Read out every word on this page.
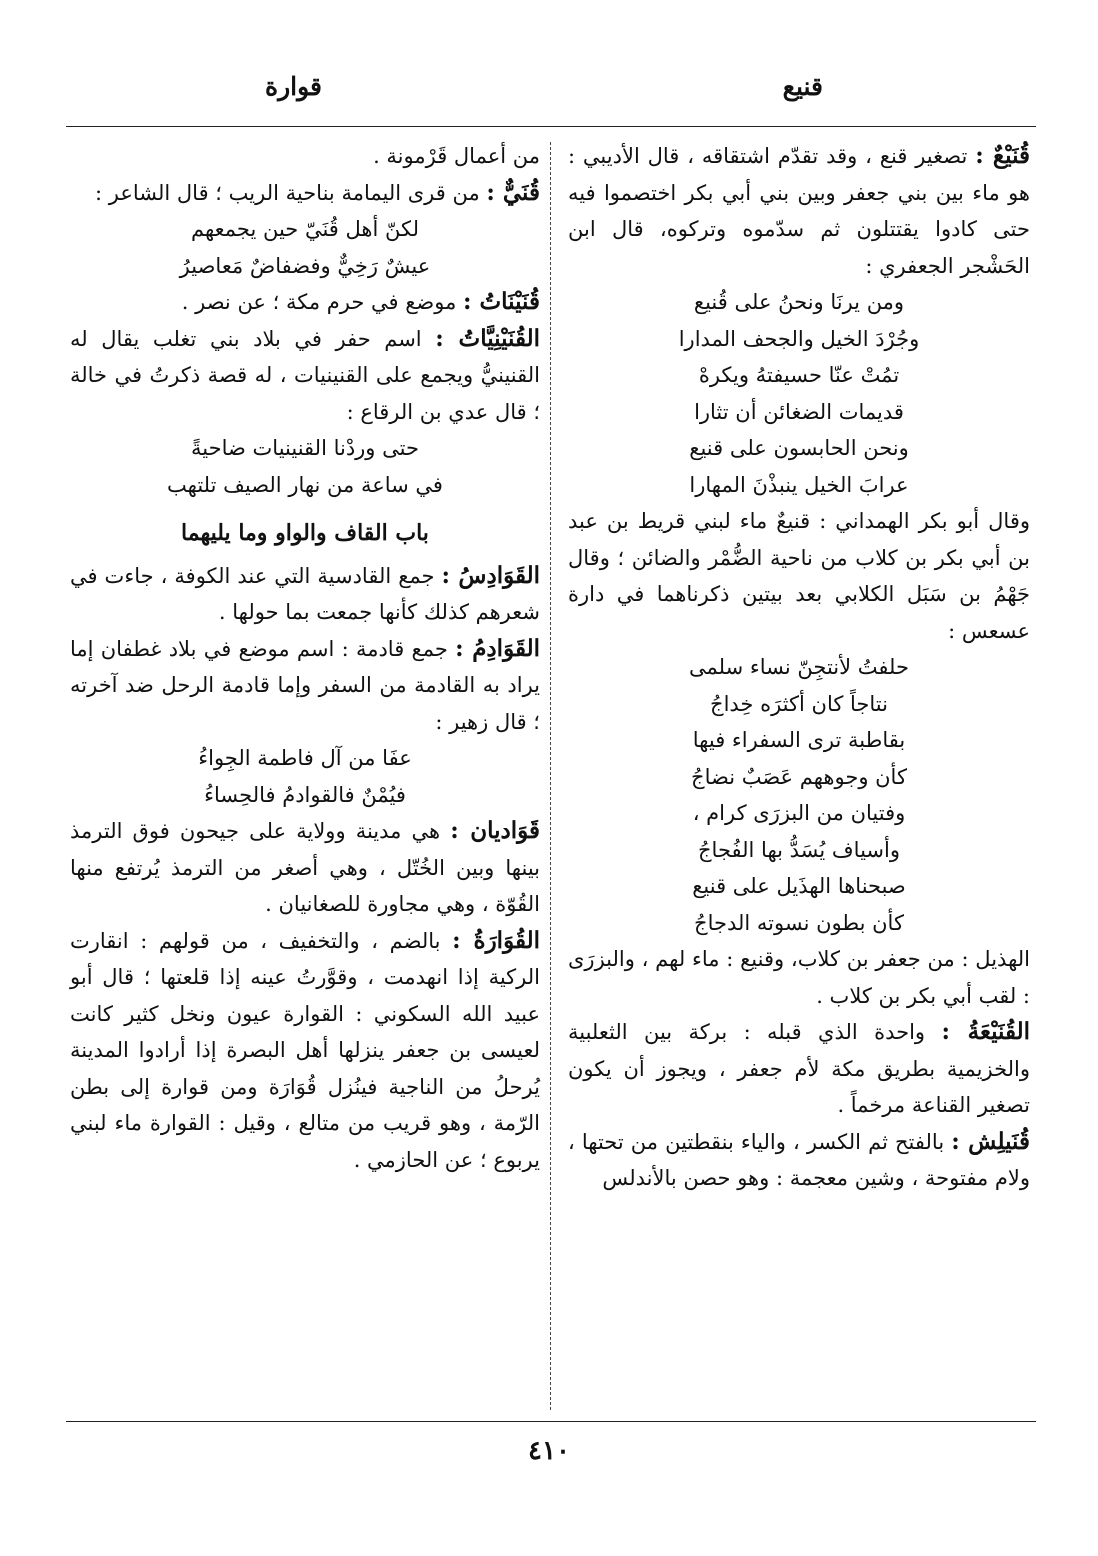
قنيع
قوارة

قُنَيْعٌ : تصغير قنع ، وقد تقدّم اشتقاقه ، قال الأديبي : هو ماء بين بني جعفر وبين بني أبي بكر اختصموا فيه حتى كادوا يقتتلون ثم سدّموه وتركوه، قال ابن الحَشْجر الجعفري :

ومن يرنَا ونحنُ على قُنيع

وجُرْدَ الخيل والجحف المدارا

تمُتْ عنّا حسيفتهُ ويكرهْ

قديمات الضغائن أن تثارا

ونحن الحابسون على قنيع

عرابَ الخيل ينبذْنَ المهارا

وقال أبو بكر الهمداني : قنيعٌ ماء لبني قريط بن عبد بن أبي بكر بن كلاب من ناحية الضُّمْر والضائن ؛ وقال جَهْمُ بن سَبَل الكلابي بعد بيتين ذكرناهما في دارة عسعس :

حلفتُ لأنتجِنّ نساء سلمى

نتاجاً كان أكثرَه خِداجُ

بقاطبة ترى السفراء فيها

كأن وجوههم عَصَبٌ نضاجُ

وفتيان من البزرَى كرام ،

وأسياف يُسَدُّ بها الفُجاجُ

صبحناها الهذَيل على قنيع

كأن بطون نسوته الدجاجُ

الهذيل : من جعفر بن كلاب، وقنيع : ماء لهم ، والبزرَى : لقب أبي بكر بن كلاب .

القُنَيْعَةُ : واحدة الذي قبله : بركة بين الثعلبية والخزيمية بطريق مكة لأم جعفر ، ويجوز أن يكون تصغير القناعة مرخماً .

قُنَيلِش : بالفتح ثم الكسر ، والياء بنقطتين من تحتها ، ولام مفتوحة ، وشين معجمة : وهو حصن بالأندلس

من أعمال قَرْمونة .

قُنَيٌّ : من قرى اليمامة بناحية الريب ؛ قال الشاعر :

لكنّ أهل قُنَيّ حين يجمعهم

عيشٌ رَخِيٌّ وفضفاضٌ مَعاصيرُ

قُنَيْنَاتُ : موضع في حرم مكة ؛ عن نصر .

القُنَيْنِيَّاتُ : اسم حفر في بلاد بني تغلب يقال له القنينيُّ ويجمع على القنينيات ، له قصة ذكرتُ في خالة ؛ قال عدي بن الرقاع :

حتى وردْنا القنينيات ضاحيةً

في ساعة من نهار الصيف تلتهب

باب القاف والواو وما يليهما

القَوَادِسُ : جمع القادسية التي عند الكوفة ، جاءت في شعرهم كذلك كأنها جمعت بما حولها .

القَوَادِمُ : جمع قادمة : اسم موضع في بلاد غطفان إما يراد به القادمة من السفر وإما قادمة الرحل ضد آخرته ؛ قال زهير :

عفَا من آل فاطمة الجِواءُ

فيُمْنٌ فالقوادمُ فالحِساءُ

قَوَاديان : هي مدينة وولاية على جيحون فوق الترمذ بينها وبين الخُتّل ، وهي أصغر من الترمذ يُرتفع منها القُوّة ، وهي مجاورة للصغانيان .

القُوَارَةُ : بالضم ، والتخفيف ، من قولهم : انقارت الركية إذا انهدمت ، وقوَّرتُ عينه إذا قلعتها ؛ قال أبو عبيد الله السكوني : القوارة عيون ونخل كثير كانت لعيسى بن جعفر ينزلها أهل البصرة إذا أرادوا المدينة يُرحلُ من الناجية فينُزل قُوَارَة ومن قوارة إلى بطن الرّمة ، وهو قريب من متالع ، وقيل : القوارة ماء لبني يربوع ؛ عن الحازمي .

٤١٠
